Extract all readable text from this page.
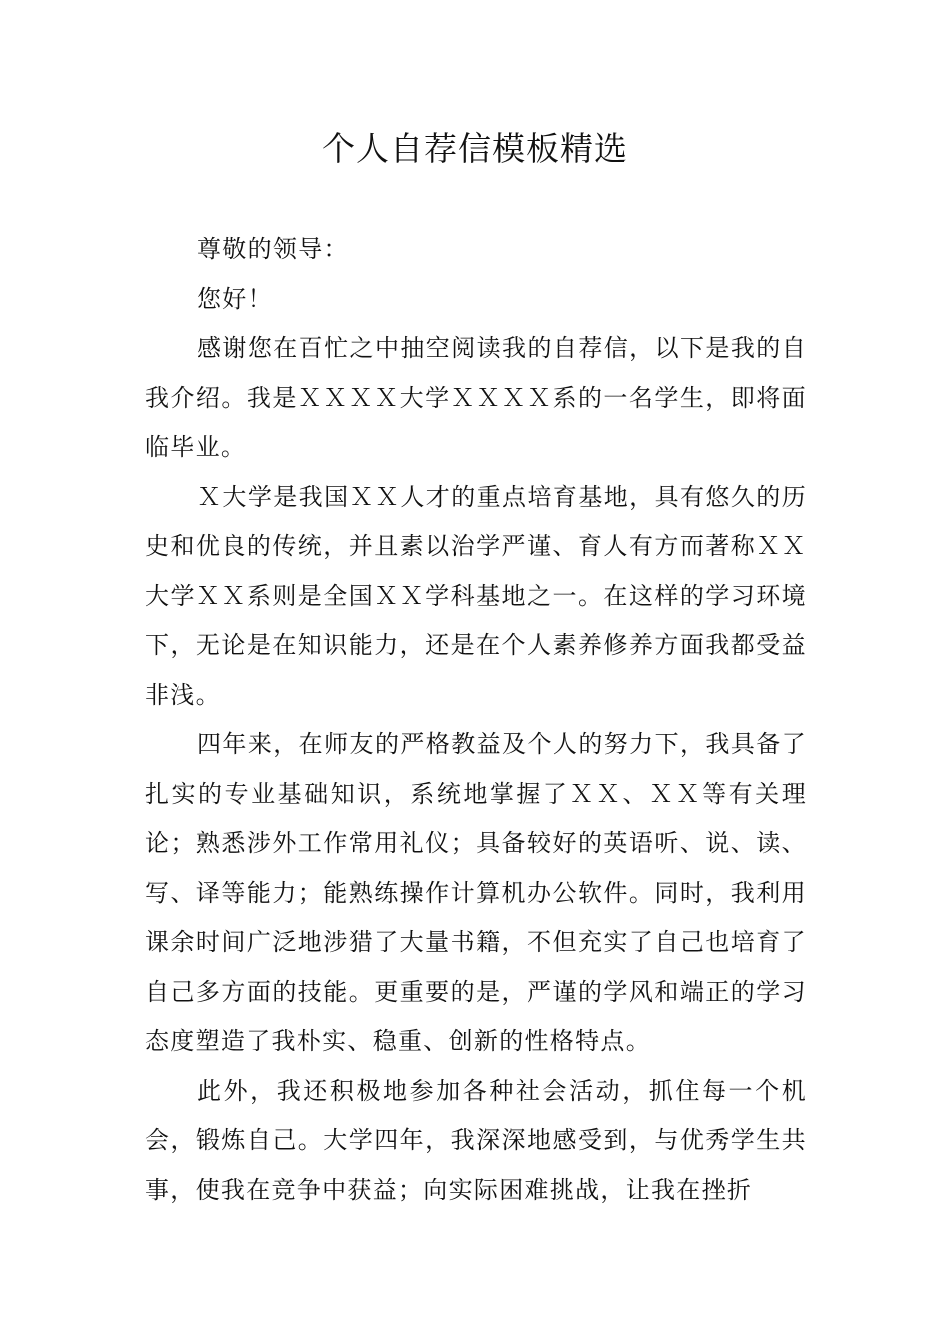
个人自荐信模板精选

尊敬的领导：

您好！

感谢您在百忙之中抽空阅读我的自荐信，以下是我的自我介绍。我是ＸＸＸＸ大学ＸＸＸＸ系的一名学生，即将面临毕业。

Ｘ大学是我国ＸＸ人才的重点培育基地，具有悠久的历史和优良的传统，并且素以治学严谨、育人有方而著称ＸＸ大学ＸＸ系则是全国ＸＸ学科基地之一。在这样的学习环境下，无论是在知识能力，还是在个人素养修养方面我都受益非浅。

四年来，在师友的严格教益及个人的努力下，我具备了扎实的专业基础知识，系统地掌握了ＸＸ、ＸＸ等有关理论；熟悉涉外工作常用礼仪；具备较好的英语听、说、读、写、译等能力；能熟练操作计算机办公软件。同时，我利用课余时间广泛地涉猎了大量书籍，不但充实了自己也培育了自己多方面的技能。更重要的是，严谨的学风和端正的学习态度塑造了我朴实、稳重、创新的性格特点。

此外，我还积极地参加各种社会活动，抓住每一个机会，锻炼自己。大学四年，我深深地感受到，与优秀学生共事，使我在竞争中获益；向实际困难挑战，让我在挫折
